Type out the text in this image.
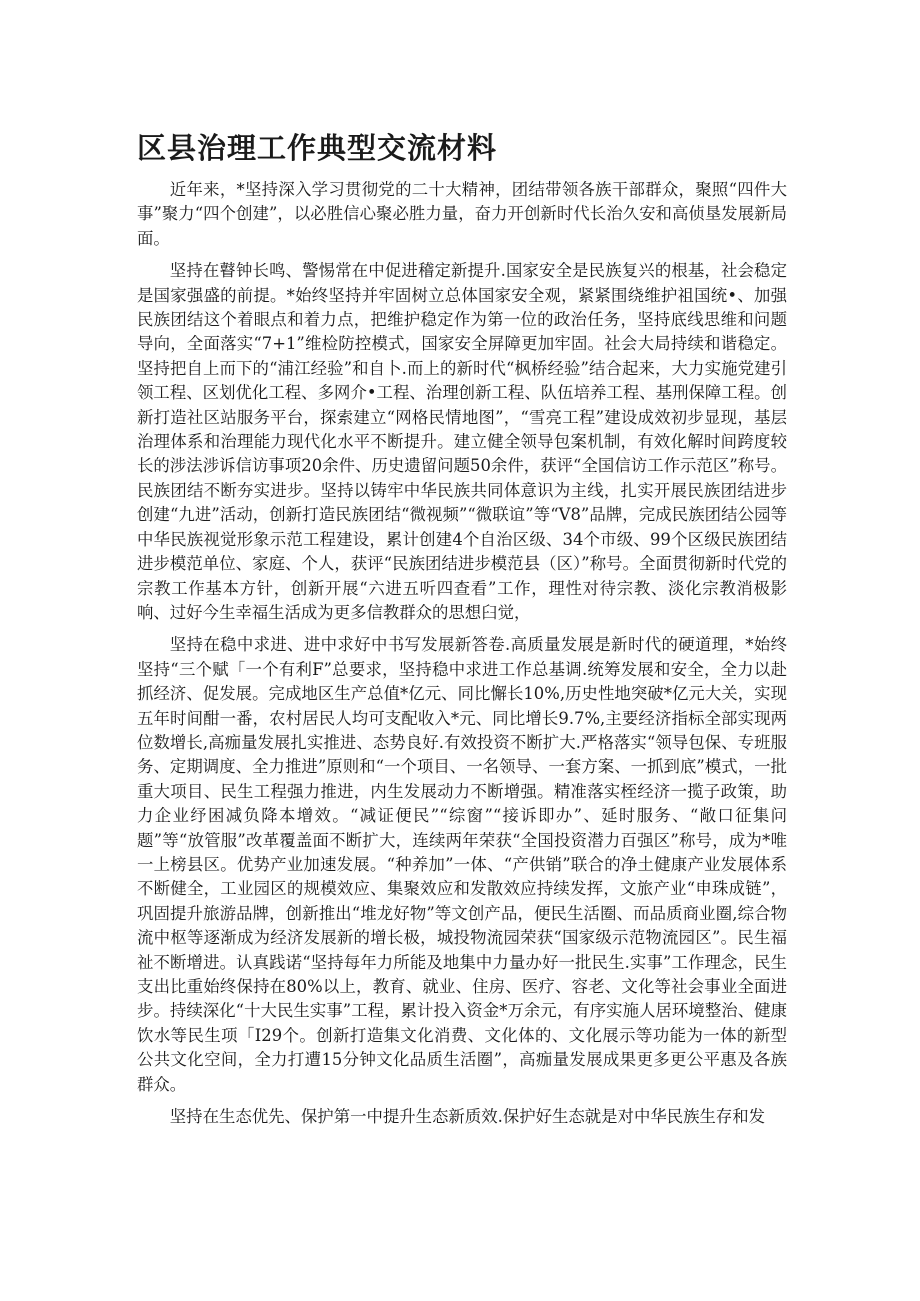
区县治理工作典型交流材料

近年来，*坚持深入学习贯彻党的二十大精神，团结带领各族干部群众，聚照“四件大事”聚力“四个创建”，以必胜信心聚必胜力量，奋力开创新时代长治久安和高侦垦发展新局面。

坚持在瞽钟长鸣、警惕常在中促进稽定新提升.国家安全是民族复兴的根基，社会稳定是国家强盛的前提。*始终坚持并牢固树立总体国家安全观，紧紧围绕维护祖国统•、加强民族团结这个着眼点和着力点，把维护稳定作为第一位的政治任务，坚持底线思维和问题导向，全面落实“7+1”维检防控模式，国家安全屏障更加牢固。社会大局持续和谐稳定。坚持把自上而下的“浦江经验”和自卜.而上的新时代“枫桥经验”结合起来，大力实施党建引领工程、区划优化工程、多网介•工程、治理创新工程、队伍培养工程、基刑保障工程。创新打造社区站服务平台，探索建立“网格民情地图”，“雪亮工程”建设成效初步显现，基层治理体系和治理能力现代化水平不断提升。建立健全领导包案机制，有效化解时间跨度较长的涉法涉诉信访事项20余件、历史遗留问题50余件，获评“全国信访工作示范区”称号。民族团结不断夯实进步。坚持以铸牢中华民族共同体意识为主线，扎实开展民族团结进步创建“九进”活动，创新打造民族团结“微视频”“微联谊”等“V8”品牌，完成民族团结公园等中华民族视觉形象示范工程建设，累计创建4个自治区级、34个市级、99个区级民族团结进步模范单位、家庭、个人，获评“民族团结进步模范县（区）”称号。全面贯彻新时代党的宗教工作基本方针，创新开展“六进五听四查看”工作，理性对待宗教、淡化宗教消极影响、过好今生幸福生活成为更多信教群众的思想臼觉，

坚持在稳中求进、进中求好中书写发展新答卷.高质量发展是新时代的硬道理，*始终坚持“三个赋「一个有利F”总要求，坚持稳中求进工作总基调.统筹发展和安全，全力以赴抓经济、促发展。完成地区生产总值*亿元、同比懈长10%,历史性地突破*亿元大关，实现五年时间酣一番，农村居民人均可支配收入*元、同比增长9.7%,主要经济指标全部实现两位数增长,高痂量发展扎实推进、态势良好.有效投资不断扩大.严格落实“领导包保、专班服务、定期调度、全力推进”原则和“一个项目、一名领导、一套方案、一抓到底”模式，一批重大项目、民生工程强力推进，内生发展动力不断增强。精准落实桎经济一揽子政策，助力企业纾困减负降本增效。“减证便民”“综窗”“接诉即办”、延时服务、“敞口征集问题”等“放管服”改革覆盖面不断扩大，连续两年荣获“全国投资潜力百强区”称号，成为*唯一上榜县区。优势产业加速发展。“种养加”一体、“产供销”联合的净土健康产业发展体系不断健全，工业园区的规模效应、集聚效应和发散效应持续发挥，文旅产业“申珠成链”，巩固提升旅游品牌，创新推出“堆龙好物”等文创产品，便民生活圈、而品质商业圈,综合物流中枢等逐渐成为经济发展新的增长极，城投物流园荣获“国家级示范物流园区”。民生福祉不断增进。认真践诺“坚持每年力所能及地集中力量办好一批民生.实事”工作理念，民生支出比重始终保持在80%以上，教育、就业、住房、医疗、容老、文化等社会事业全面进步。持续深化“十大民生实事”工程，累计投入资金*万余元，有序实施人居环境整治、健康饮水等民生项「I29个。创新打造集文化消费、文化体的、文化展示等功能为一体的新型公共文化空间，全力打遭15分钟文化品质生活圈”，高痂量发展成果更多更公平惠及各族群众。

坚持在生态优先、保护第一中提升生态新质效.保护好生态就是对中华民族生存和发
